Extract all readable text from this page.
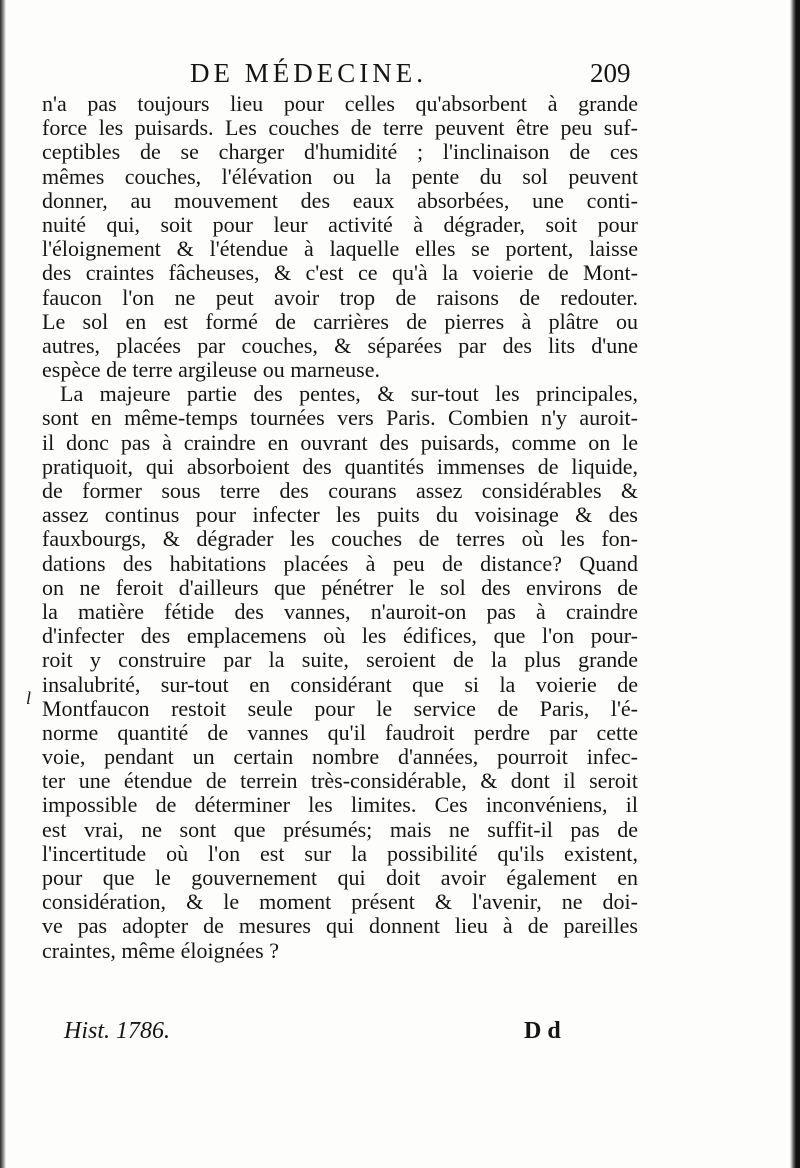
DE MÉDECINE.	209
l
n'a pas toujours lieu pour celles qu'absorbent à grande
force les puisards. Les couches de terre peuvent être peu suf-
ceptibles de se charger d'humidité ; l'inclinaison de ces
mêmes couches, l'élévation ou la pente du sol peuvent
donner, au mouvement des eaux absorbées, une conti-
nuité qui, soit pour leur activité à dégrader, soit pour
l'éloignement & l'étendue à laquelle elles se portent, laisse
des craintes fâcheuses, & c'est ce qu'à la voierie de Mont-
faucon l'on ne peut avoir trop de raisons de redouter.
Le sol en est formé de carrières de pierres à plâtre ou
autres, placées par couches, & séparées par des lits d'une
espèce de terre argileuse ou marneuse.
La majeure partie des pentes, & sur-tout les principales,
sont en même-temps tournées vers Paris. Combien n'y auroit-
il donc pas à craindre en ouvrant des puisards, comme on le
pratiquoit, qui absorboient des quantités immenses de liquide,
de former sous terre des courans assez considérables &
assez continus pour infecter les puits du voisinage & des
fauxbourgs, & dégrader les couches de terres où les fon-
dations des habitations placées à peu de distance? Quand
on ne feroit d'ailleurs que pénétrer le sol des environs de
la matière fétide des vannes, n'auroit-on pas à craindre
d'infecter des emplacemens où les édifices, que l'on pour-
roit y construire par la suite, seroient de la plus grande
insalubrité, sur-tout en considérant que si la voierie de
Montfaucon restoit seule pour le service de Paris, l'é-
norme quantité de vannes qu'il faudroit perdre par cette
voie, pendant un certain nombre d'années, pourroit infec-
ter une étendue de terrein très-considérable, & dont il seroit
impossible de déterminer les limites. Ces inconvéniens, il
est vrai, ne sont que présumés; mais ne suffit-il pas de
l'incertitude où l'on est sur la possibilité qu'ils existent,
pour que le gouvernement qui doit avoir également en
considération, & le moment présent & l'avenir, ne doi-
ve pas adopter de mesures qui donnent lieu à de pareilles
craintes, même éloignées ?
Hist. 1786.	D d
